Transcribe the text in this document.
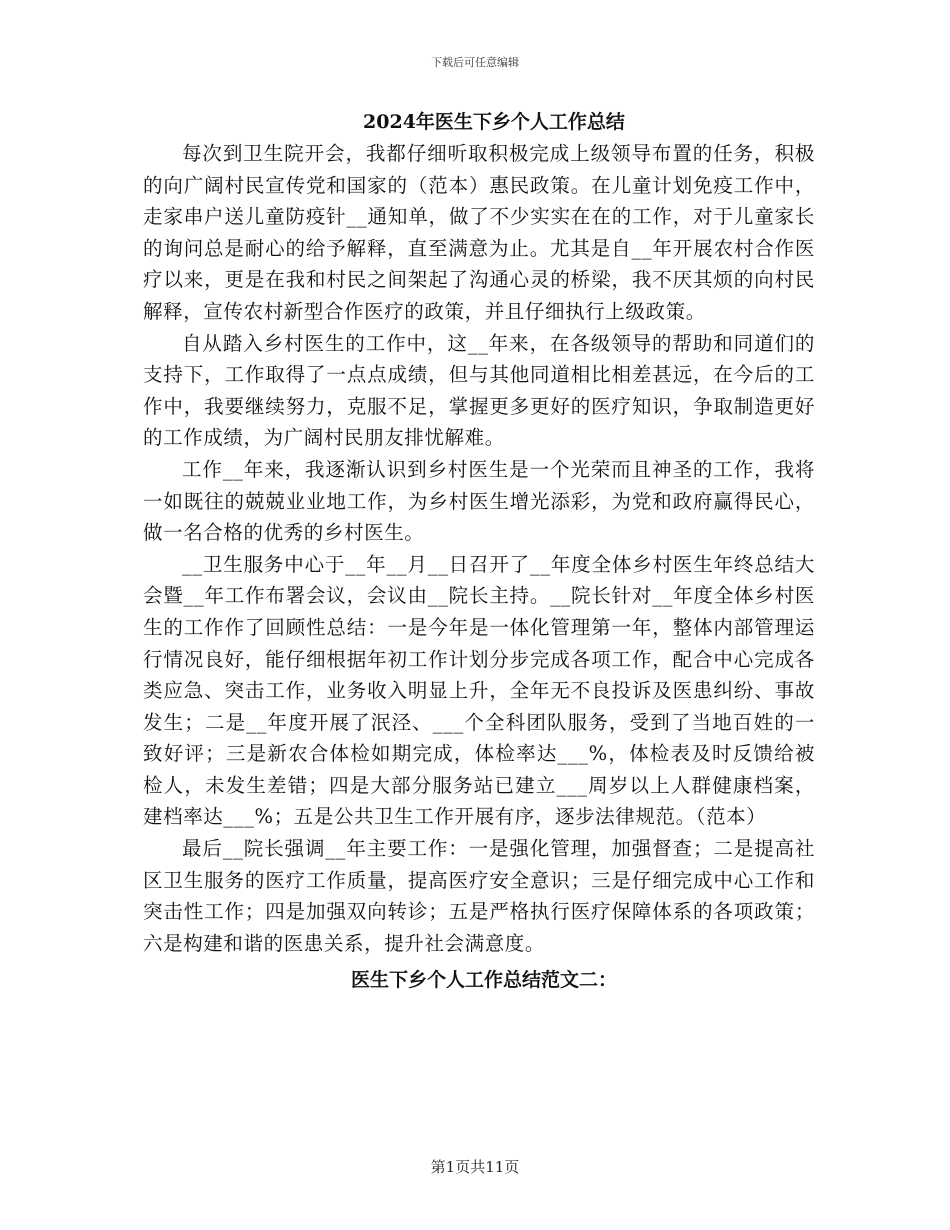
下载后可任意编辑
2024年医生下乡个人工作总结

每次到卫生院开会，我都仔细听取积极完成上级领导布置的任务，积极的向广阔村民宣传党和国家的（范本）惠民政策。在儿童计划免疫工作中，走家串户送儿童防疫针__通知单，做了不少实实在在的工作，对于儿童家长的询问总是耐心的给予解释，直至满意为止。尤其是自__年开展农村合作医疗以来，更是在我和村民之间架起了沟通心灵的桥梁，我不厌其烦的向村民解释，宣传农村新型合作医疗的政策，并且仔细执行上级政策。

自从踏入乡村医生的工作中，这__年来，在各级领导的帮助和同道们的支持下，工作取得了一点点成绩，但与其他同道相比相差甚远，在今后的工作中，我要继续努力，克服不足，掌握更多更好的医疗知识，争取制造更好的工作成绩，为广阔村民朋友排忧解难。

工作__年来，我逐渐认识到乡村医生是一个光荣而且神圣的工作，我将一如既往的兢兢业业地工作，为乡村医生增光添彩，为党和政府赢得民心，做一名合格的优秀的乡村医生。

__卫生服务中心于__年__月__日召开了__年度全体乡村医生年终总结大会暨__年工作布署会议，会议由__院长主持。__院长针对__年度全体乡村医生的工作作了回顾性总结：一是今年是一体化管理第一年，整体内部管理运行情况良好，能仔细根据年初工作计划分步完成各项工作，配合中心完成各类应急、突击工作，业务收入明显上升，全年无不良投诉及医患纠纷、事故发生；二是__年度开展了泯泾、___个全科团队服务，受到了当地百姓的一致好评；三是新农合体检如期完成，体检率达___%，体检表及时反馈给被检人，未发生差错；四是大部分服务站已建立___周岁以上人群健康档案，建档率达___%；五是公共卫生工作开展有序，逐步法律规范。（范本）

最后__院长强调__年主要工作：一是强化管理，加强督查；二是提高社区卫生服务的医疗工作质量，提高医疗安全意识；三是仔细完成中心工作和突击性工作；四是加强双向转诊；五是严格执行医疗保障体系的各项政策；六是构建和谐的医患关系，提升社会满意度。

医生下乡个人工作总结范文二：
第1页共11页
